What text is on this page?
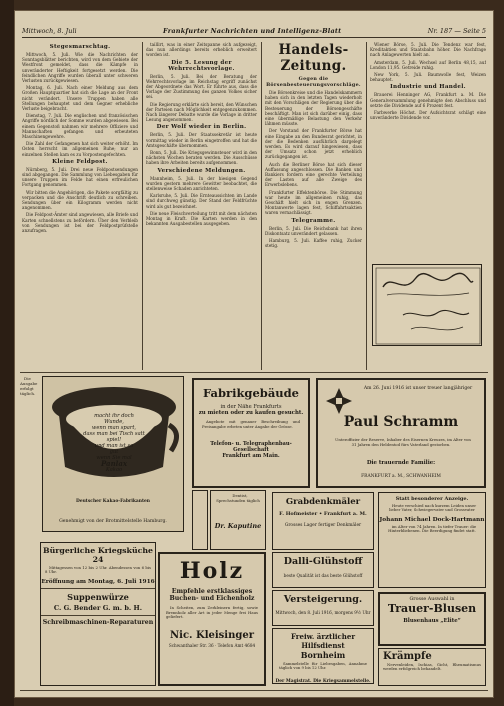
Mittwoch, 8. Juli	Frankfurter Nachrichten und Intelligenz-Blatt	Nr. 187 — Seite 5
Stegesmarschtag.

Mittwoch, 5. Juli. Wie die Nachrichten der Sonntagsblätter berichten, wird von dem Gebiete der Westfront gemeldet, dass die Kämpfe in unveränderter Heftigkeit fortgesetzt werden. Die feindlichen Angriffe wurden überall unter schweren Verlusten zurückgewiesen.

Montag, 6. Juli. Nach einer Meldung aus dem Großen Hauptquartier hat sich die Lage an der Front nicht verändert. Unsere Truppen haben alle Stellungen behauptet und dem Gegner erhebliche Verluste beigebracht.

Dienstag, 7. Juli. Die englischen und französischen Angriffe nördlich der Somme wurden abgewiesen. Bei einem Gegenstoß nahmen wir mehrere Offiziere und Mannschaften gefangen und erbeuteten Maschinengewehre.

Die Zahl der Gefangenen hat sich weiter erhöht. Im Osten herrscht im allgemeinen Ruhe; nur an einzelnen Stellen kam es zu Vorpostengefechten.

Kleine Feldpost.

Nürnberg, 5. Juli. Drei neue Feldpostsendungen sind abgegangen. Die Sammlung von Liebesgaben für unsere Truppen im Felde hat einen erfreulichen Fortgang genommen.

Wir bitten die Angehörigen, die Pakete sorgfältig zu verpacken und die Anschrift deutlich zu schreiben. Sendungen über ein Kilogramm werden nicht angenommen.

Die Feldpost-Ämter sind angewiesen, alle Briefe und Karten schnellstens zu befördern. Über den Verbleib von Sendungen ist bei der Feldpostprüfstelle anzufragen.

taillirt, was in einer Zeitspanne sich aufgezeigt, das nun allerdings bereits erheblich erweitert worden ist.

Die 5. Lesung der Wehrrechtsvorlage.

Berlin, 5. Juli. Bei der Beratung der Wehrrechtsvorlage im Reichstag ergriff zunächst der Abgeordnete das Wort. Er führte aus, dass die Vorlage der Zustimmung des ganzen Volkes sicher sei.

Die Regierung erklärte sich bereit, den Wünschen der Parteien nach Möglichkeit entgegenzukommen. Nach längerer Debatte wurde die Vorlage in dritter Lesung angenommen.

Der Wolf wieder in Berlin.

Berlin, 5. Juli. Der Staatssekretär ist heute vormittag wieder in Berlin eingetroffen und hat die Amtsgeschäfte übernommen.

Bonn, 5. Juli. Die Kriegsgewinnsteuer wird in den nächsten Wochen beraten werden. Die Ausschüsse haben ihre Arbeiten bereits aufgenommen.

Verschiedene Meldungen.

Mannheim, 5. Juli. In der hiesigen Gegend wurden gestern mehrere Gewitter beobachtet, die stellenweise Schaden anrichteten.

Karlsruhe, 5. Juli. Die Ernteaussichten im Lande sind durchweg günstig. Der Stand der Feldfrüchte wird als gut bezeichnet.

Die neue Fleischverteilung tritt mit dem nächsten Montag in Kraft. Die Karten werden in den bekannten Ausgabestellen ausgegeben.

Handels-Zeitung.
Gegen die Börsenbesteuerungsvorschläge.

Die Börsenkreise und die Handelskammern haben sich in den letzten Tagen wiederholt mit den Vorschlägen der Regierung über die Besteuerung der Börsengeschäfte beschäftigt. Man ist sich darüber einig, dass eine übermäßige Belastung den Verkehr lähmen müsste.

Der Vorstand der Frankfurter Börse hat eine Eingabe an den Bundesrat gerichtet, in der die Bedenken ausführlich dargelegt werden. Es wird darauf hingewiesen, dass der Umsatz schon jetzt erheblich zurückgegangen ist.

Auch die Berliner Börse hat sich dieser Auffassung angeschlossen. Die Banken und Bankiers fordern eine gerechte Verteilung der Lasten auf alle Zweige des Erwerbslebens.

Frankfurter Effektenbörse. Die Stimmung war heute im allgemeinen ruhig, das Geschäft hielt sich in engen Grenzen. Montanwerte lagen fest, Schiffahrtsaktien waren vernachlässigt.

Telegramme.

Berlin, 5. Juli. Die Reichsbank hat ihren Diskontsatz unverändert gelassen.

Hamburg, 5. Juli. Kaffee ruhig, Zucker stetig.

Wiener Börse, 5. Juli. Die Tendenz war fest, Kreditaktien und Staatsbahn höher. Die Nachfrage nach Anlagewerten hielt an.

Amsterdam, 5. Juli. Wechsel auf Berlin 48,15, auf London 11,95. Getreide ruhig.

New York, 5. Juli. Baumwolle fest, Weizen behauptet.

Industrie und Handel.

Brauerei Henninger AG, Frankfurt a. M. Die Generalversammlung genehmigte den Abschluss und setzte die Dividende auf 6 Prozent fest.

Farbwerke Höchst. Der Aufsichtsrat schlägt eine unveränderte Dividende vor.

macht ihr doch
Wunde,
wenn man spart,
dass man bei Tisch satt
spiel!
und man ist so
gut
wenn Sie mal
Panlax
Kakao
Deutscher Kakao-Fabrikanten
Genehmigt von der Brotmittelstelle Hamburg.

Die Ausgabe erfolgt täglich.	Fabrikgebäude
in der Nähe Frankfurts
zu mieten oder zu kaufen gesucht.

Angebote mit genauer Beschreibung und Preisangabe erbeten unter Angabe der Grösse.

Telefon- u. Telegraphenbau-Gesellschaft
Frankfurt am Main.
Am 26. Juni 1916 ist unser treuer langjähriger
Paul Schramm

Unteroffizier der Reserve, Inhaber des Eisernen Kreuzes, im Alter von 31 Jahren den Heldentod fürs Vaterland gestorben.

Die trauernde Familie:
FRANKFURT a. M., SCHWANHEIM

Dentist, Sprechstunden täglich

Dr. Kaputine
Grabdenkmäler
F. Hofmeister • Frankfurt a. M.
Grosses Lager fertiger Denkmäler
Dalli-Glühstoff
beste Qualität ist das beste Glühstoff
Versteigerung.
Mittwoch, den 8. Juli 1916, morgens 9½ Uhr
Freiw. ärztlicher Hilfsdienst
Bornheim

Sammelstelle für Liebesgaben, Annahme täglich von 9 bis 12 Uhr.

Der Magistrat. Die Kriegsammelstelle.
Bürgerliche Kriegsküche 24

Mittagessen von 12 bis 2 Uhr. Abendessen von 6 bis 8 Uhr.

Eröffnung am Montag, 6. Juli 1916
Suppenwürze
C. G. Bender G. m. b. H.
Schreibmaschinen-Reparaturen
Holz
Empfehle erstklassiges
Buchen- und Eichenholz

In Scheiten, zum Zerkleinern fertig, sowie Brennholz aller Art in jeder Menge frei Haus geliefert.

Nic. Kleisinger
Schwanthaler Str. 36 · Telefon Amt 4684
Statt besonderer Anzeige.

Heute verschied nach kurzem Leiden unser lieber Vater, Schwiegervater und Grossvater

Johann Michael Dock-Hartmann

im Alter von 74 Jahren. In tiefer Trauer: die Hinterbliebenen. Die Beerdigung findet statt.

Grosse Auswahl in
Trauer-Blusen
Blusenhaus „Elite“
Krämpfe

Nervenleiden, Ischias, Gicht, Rheumatismus werden erfolgreich behandelt.
